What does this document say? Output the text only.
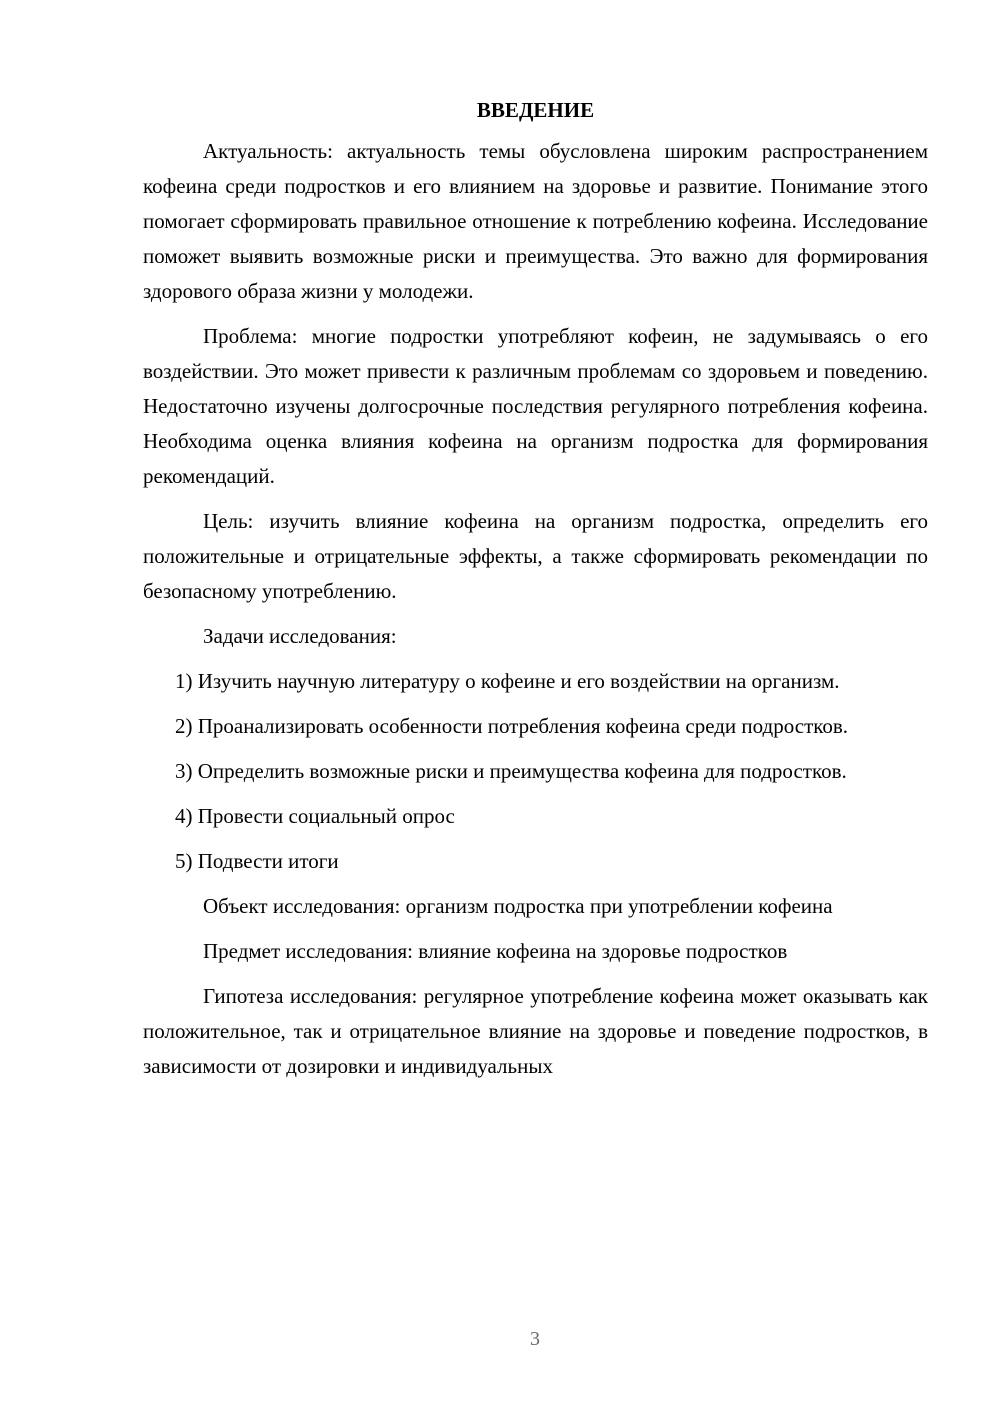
ВВЕДЕНИЕ

Актуальность: актуальность темы обусловлена широким распространением кофеина среди подростков и его влиянием на здоровье и развитие. Понимание этого помогает сформировать правильное отношение к потреблению кофеина. Исследование поможет выявить возможные риски и преимущества. Это важно для формирования здорового образа жизни у молодежи.

Проблема: многие подростки употребляют кофеин, не задумываясь о его воздействии. Это может привести к различным проблемам со здоровьем и поведению. Недостаточно изучены долгосрочные последствия регулярного потребления кофеина. Необходима оценка влияния кофеина на организм подростка для формирования рекомендаций.

Цель: изучить влияние кофеина на организм подростка, определить его положительные и отрицательные эффекты, а также сформировать рекомендации по безопасному употреблению.

Задачи исследования:

1) Изучить научную литературу о кофеине и его воздействии на организм.

2) Проанализировать особенности потребления кофеина среди подростков.

3) Определить возможные риски и преимущества кофеина для подростков.

4) Провести социальный опрос

5) Подвести итоги

Объект исследования: организм подростка при употреблении кофеина

Предмет исследования: влияние кофеина на здоровье подростков

Гипотеза исследования: регулярное употребление кофеина может оказывать как положительное, так и отрицательное влияние на здоровье и поведение подростков, в зависимости от дозировки и индивидуальных

3
